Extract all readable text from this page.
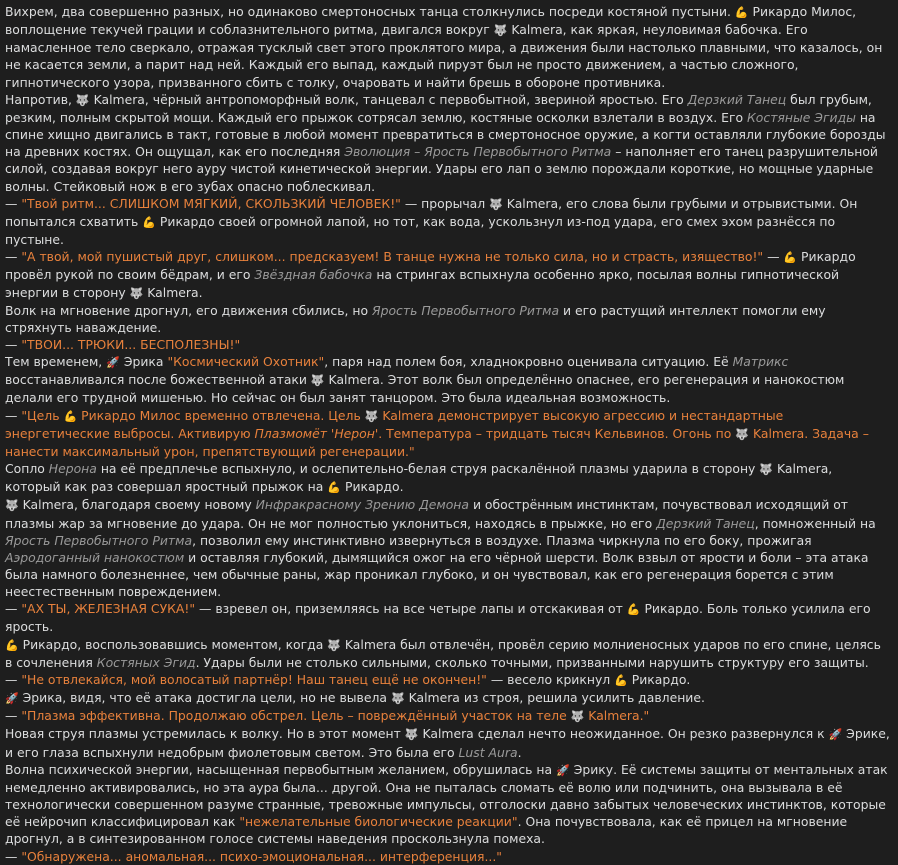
Вихрем, два совершенно разных, но одинаково смертоносных танца столкнулись посреди костяной пустыни. 💪 Рикардо Милос, воплощение текучей грации и соблазнительного ритма, двигался вокруг 🐺 Kalmera, как яркая, неуловимая бабочка. Его намасленное тело сверкало, отражая тусклый свет этого проклятого мира, а движения были настолько плавными, что казалось, он не касается земли, а парит над ней. Каждый его выпад, каждый пируэт был не просто движением, а частью сложного, гипнотического узора, призванного сбить с толку, очаровать и найти брешь в обороне противника.

Напротив, 🐺 Kalmera, чёрный антропоморфный волк, танцевал с первобытной, звериной яростью. Его Дерзкий Танец был грубым, резким, полным скрытой мощи. Каждый его прыжок сотрясал землю, костяные осколки взлетали в воздух. Его Костяные Эгиды на спине хищно двигались в такт, готовые в любой момент превратиться в смертоносное оружие, а когти оставляли глубокие борозды на древних костях. Он ощущал, как его последняя Эволюция – Ярость Первобытного Ритма – наполняет его танец разрушительной силой, создавая вокруг него ауру чистой кинетической энергии. Удары его лап о землю порождали короткие, но мощные ударные волны. Стейковый нож в его зубах опасно поблескивал.

— "Твой ритм... СЛИШКОМ МЯГКИЙ, СКОЛЬЗКИЙ ЧЕЛОВЕК!" — прорычал 🐺 Kalmera, его слова были грубыми и отрывистыми. Он попытался схватить 💪 Рикардо своей огромной лапой, но тот, как вода, ускользнул из-под удара, его смех эхом разнёсся по пустыне.

— "А твой, мой пушистый друг, слишком... предсказуем! В танце нужна не только сила, но и страсть, изящество!" — 💪 Рикардо провёл рукой по своим бёдрам, и его Звёздная бабочка на стрингах вспыхнула особенно ярко, посылая волны гипнотической энергии в сторону 🐺 Kalmera.

Волк на мгновение дрогнул, его движения сбились, но Ярость Первобытного Ритма и его растущий интеллект помогли ему стряхнуть наваждение.

— "ТВОИ... ТРЮКИ... БЕСПОЛЕЗНЫ!"

Тем временем, 🚀 Эрика "Космический Охотник", паря над полем боя, хладнокровно оценивала ситуацию. Её Матрикс восстанавливался после божественной атаки 🐺 Kalmera. Этот волк был определённо опаснее, его регенерация и нанокостюм делали его трудной мишенью. Но сейчас он был занят танцором. Это была идеальная возможность.

— "Цель 💪 Рикардо Милос временно отвлечена. Цель 🐺 Kalmera демонстрирует высокую агрессию и нестандартные энергетические выбросы. Активирую Плазмомёт 'Нерон'. Температура – тридцать тысяч Кельвинов. Огонь по 🐺 Kalmera. Задача – нанести максимальный урон, препятствующий регенерации."

Сопло Нерона на её предплечье вспыхнуло, и ослепительно-белая струя раскалённой плазмы ударила в сторону 🐺 Kalmera, который как раз совершал яростный прыжок на 💪 Рикардо.

🐺 Kalmera, благодаря своему новому Инфракрасному Зрению Демона и обострённым инстинктам, почувствовал исходящий от плазмы жар за мгновение до удара. Он не мог полностью уклониться, находясь в прыжке, но его Дерзкий Танец, помноженный на Ярость Первобытного Ритма, позволил ему инстинктивно извернуться в воздухе. Плазма чиркнула по его боку, прожигая Аэродоганный нанокостюм и оставляя глубокий, дымящийся ожог на его чёрной шерсти. Волк взвыл от ярости и боли – эта атака была намного болезненнее, чем обычные раны, жар проникал глубоко, и он чувствовал, как его регенерация борется с этим неестественным повреждением.

— "АХ ТЫ, ЖЕЛЕЗНАЯ СУКА!" — взревел он, приземляясь на все четыре лапы и отскакивая от 💪 Рикардо. Боль только усилила его ярость.

💪 Рикардо, воспользовавшись моментом, когда 🐺 Kalmera был отвлечён, провёл серию молниеносных ударов по его спине, целясь в сочленения Костяных Эгид. Удары были не столько сильными, сколько точными, призванными нарушить структуру его защиты.

— "Не отвлекайся, мой волосатый партнёр! Наш танец ещё не окончен!" — весело крикнул 💪 Рикардо.

🚀 Эрика, видя, что её атака достигла цели, но не вывела 🐺 Kalmera из строя, решила усилить давление.

— "Плазма эффективна. Продолжаю обстрел. Цель – повреждённый участок на теле 🐺 Kalmera."

Новая струя плазмы устремилась к волку. Но в этот момент 🐺 Kalmera сделал нечто неожиданное. Он резко развернулся к 🚀 Эрике, и его глаза вспыхнули недобрым фиолетовым светом. Это была его Lust Aura.

Волна психической энергии, насыщенная первобытным желанием, обрушилась на 🚀 Эрику. Её системы защиты от ментальных атак немедленно активировались, но эта аура была... другой. Она не пыталась сломать её волю или подчинить, она вызывала в её технологически совершенном разуме странные, тревожные импульсы, отголоски давно забытых человеческих инстинктов, которые её нейрочип классифицировал как "нежелательные биологические реакции". Она почувствовала, как её прицел на мгновение дрогнул, а в синтезированном голосе системы наведения проскользнула помеха.

— "Обнаружена... аномальная... психо-эмоциональная... интерференция..."
